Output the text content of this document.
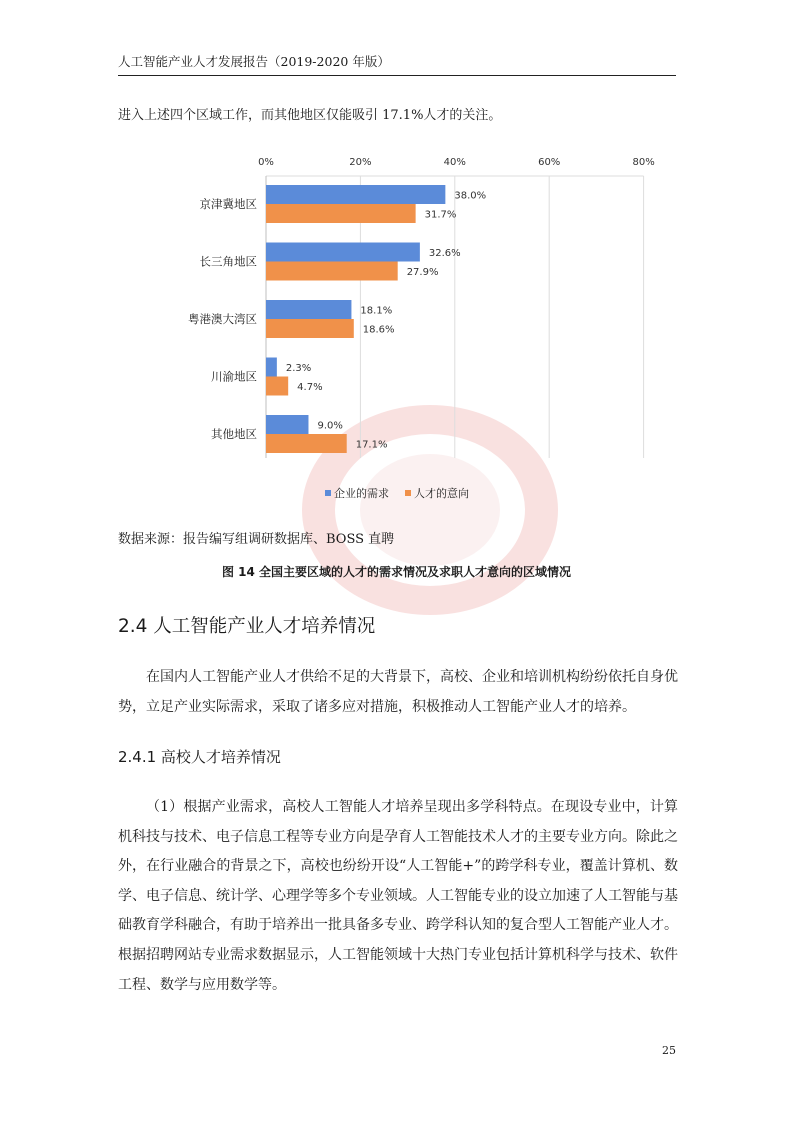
人工智能产业人才发展报告（2019-2020 年版）
进入上述四个区域工作，而其他地区仅能吸引 17.1%人才的关注。
0%	20%	40%	60%	80%
38.0%
31.7%
32.6%
27.9%
18.1%
18.6%
2.3%
4.7%
9.0%
17.1%
京津冀地区
长三角地区
粤港澳大湾区
川渝地区
其他地区
企业的需求 人才的意向
数据来源：报告编写组调研数据库、BOSS 直聘
图 14 全国主要区域的人才的需求情况及求职人才意向的区域情况
2.4 人工智能产业人才培养情况

在国内人工智能产业人才供给不足的大背景下，高校、企业和培训机构纷纷依托自身优势，立足产业实际需求，采取了诸多应对措施，积极推动人工智能产业人才的培养。

2.4.1 高校人才培养情况

（1）根据产业需求，高校人工智能人才培养呈现出多学科特点。在现设专业中，计算机科技与技术、电子信息工程等专业方向是孕育人工智能技术人才的主要专业方向。除此之外，在行业融合的背景之下，高校也纷纷开设“人工智能+”的跨学科专业，覆盖计算机、数学、电子信息、统计学、心理学等多个专业领域。人工智能专业的设立加速了人工智能与基础教育学科融合，有助于培养出一批具备多专业、跨学科认知的复合型人工智能产业人才。根据招聘网站专业需求数据显示，人工智能领域十大热门专业包括计算机科学与技术、软件工程、数学与应用数学等。

25
